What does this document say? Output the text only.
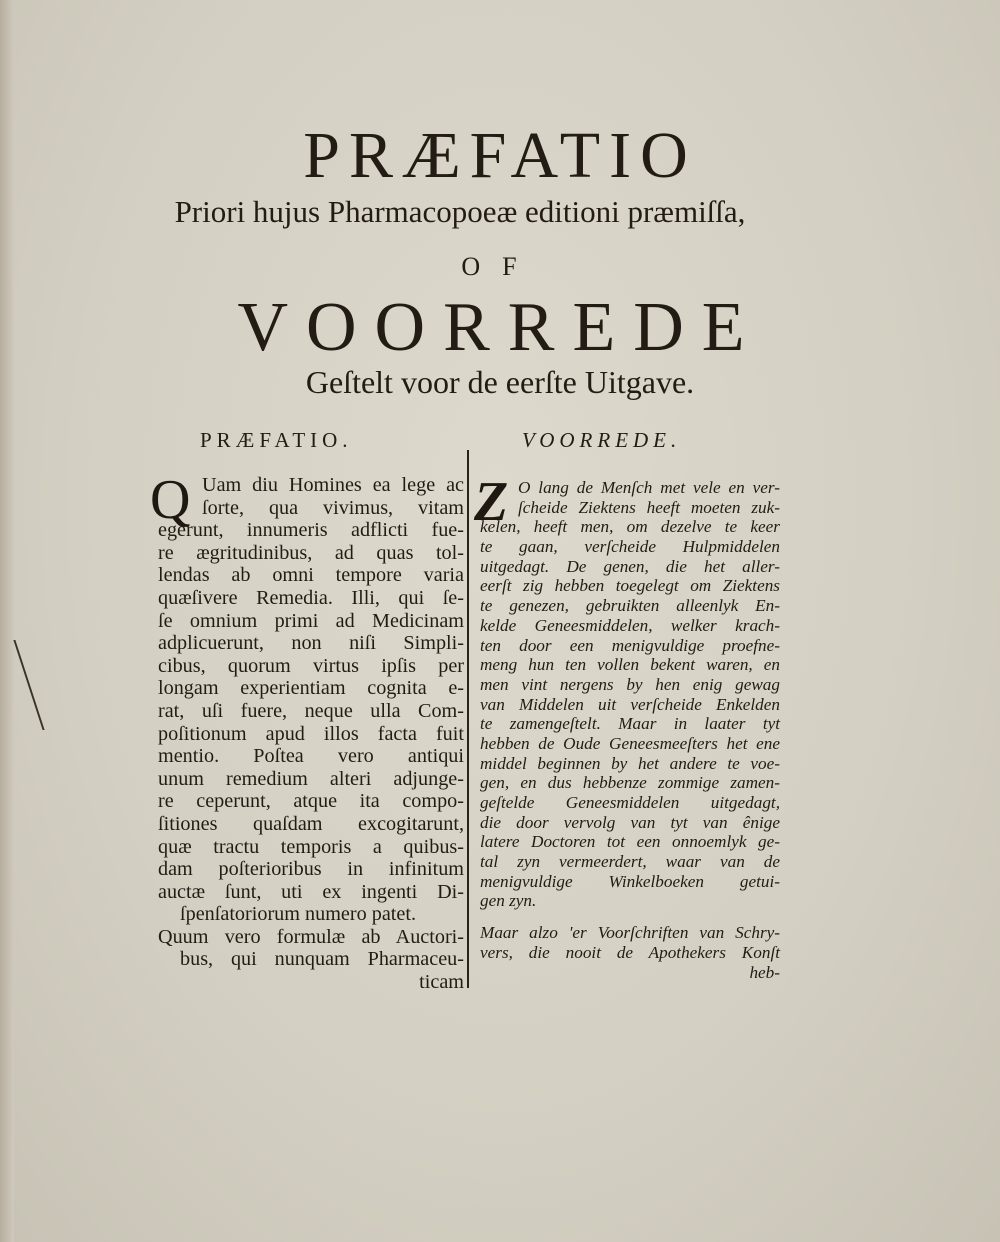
PRÆFATIO
Priori hujus Pharmacopoeæ editioni præmiſſa,
OF
VOORREDE
Geſtelt voor de eerſte Uitgave.
PRÆFATIO.	VOORREDE.
Q	Z
Uam diu Homines ea lege ac
ſorte, qua vivimus, vitam
egerunt, innumeris adflicti fue-
re ægritudinibus, ad quas tol-
lendas ab omni tempore varia
quæſivere Remedia. Illi, qui ſe-
ſe omnium primi ad Medicinam
adplicuerunt, non niſi Simpli-
cibus, quorum virtus ipſis per
longam experientiam cognita e-
rat, uſi fuere, neque ulla Com-
poſitionum apud illos facta fuit
mentio. Poſtea vero antiqui
unum remedium alteri adjunge-
re ceperunt, atque ita compo-
ſitiones quaſdam excogitarunt,
quæ tractu temporis a quibus-
dam poſterioribus in infinitum
auctæ ſunt, uti ex ingenti Di-
ſpenſatoriorum numero patet.
Quum vero formulæ ab Auctori-
bus, qui nunquam Pharmaceu-
ticam
O lang de Menſch met vele en ver-
ſcheide Ziektens heeft moeten zuk-
kelen, heeft men, om dezelve te keer
te gaan, verſcheide Hulpmiddelen
uitgedagt. De genen, die het aller-
eerſt zig hebben toegelegt om Ziektens
te genezen, gebruikten alleenlyk En-
kelde Geneesmiddelen, welker krach-
ten door een menigvuldige proefne-
meng hun ten vollen bekent waren, en
men vint nergens by hen enig gewag
van Middelen uit verſcheide Enkelden
te zamengeſtelt. Maar in laater tyt
hebben de Oude Geneesmeeſters het ene
middel beginnen by het andere te voe-
gen, en dus hebbenze zommige zamen-
geſtelde Geneesmiddelen uitgedagt,
die door vervolg van tyt van ênige
latere Doctoren tot een onnoemlyk ge-
tal zyn vermeerdert, waar van de
menigvuldige Winkelboeken getui-
gen zyn.
Maar alzo 'er Voorſchriften van Schry-
vers, die nooit de Apothekers Konſt
heb-
